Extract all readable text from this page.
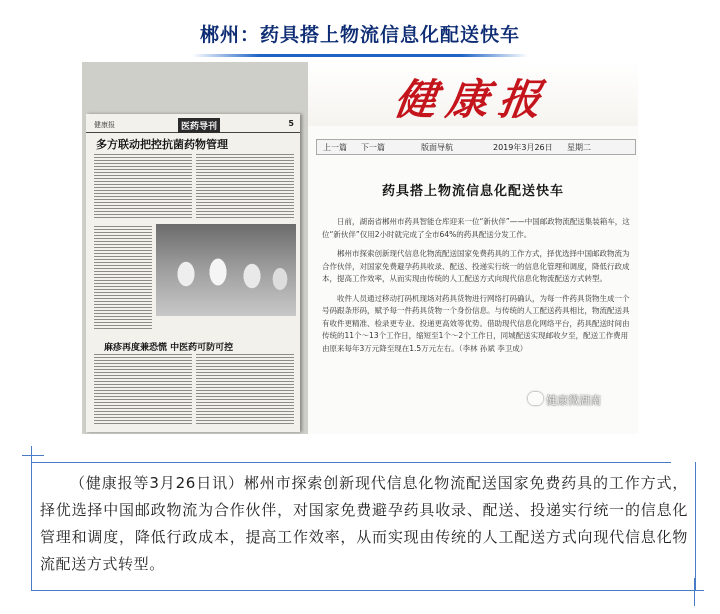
郴州：药具搭上物流信息化配送快车
健康报	医药导刊	5
多方联动把控抗菌药物管理
麻疹再度兼恐慌 中医药可防可控
健康报
上一篇 下一篇	版面导航	2019年3月26日 星期二
药具搭上物流信息化配送快车

日前，湖南省郴州市药具智能仓库迎来一位“新伙伴”——中国邮政物流配送集装箱车，这位“新伙伴”仅用2小时就完成了全市64%的药具配送分发工作。

郴州市探索创新现代信息化物流配送国家免费药具的工作方式，择优选择中国邮政物流为合作伙伴，对国家免费避孕药具收录、配送、投递实行统一的信息化管理和调度，降低行政成本，提高工作效率，从而实现由传统的人工配送方式向现代信息化物流配送方式转型。

收件人员通过移动打码机现场对药具货物进行网络打码确认，为每一件药具货物生成一个号码跟条形码，赋予每一件药具货物一个身份信息。与传统的人工配送药具相比，物流配送具有收件更精准、检录更专业、投递更高效等优势。借助现代信息化网络平台，药具配送时间由传统的11个～13个工作日，缩短至1个～2个工作日，同城配送实现邮收夕至，配送工作费用由原来每年3万元降至现在1.5万元左右。（李林 孙斌 李卫成）

健康微湖南
（健康报等3月26日讯）郴州市探索创新现代信息化物流配送国家免费药具的工作方式，择优选择中国邮政物流为合作伙伴，对国家免费避孕药具收录、配送、投递实行统一的信息化管理和调度，降低行政成本，提高工作效率，从而实现由传统的人工配送方式向现代信息化物流配送方式转型。
